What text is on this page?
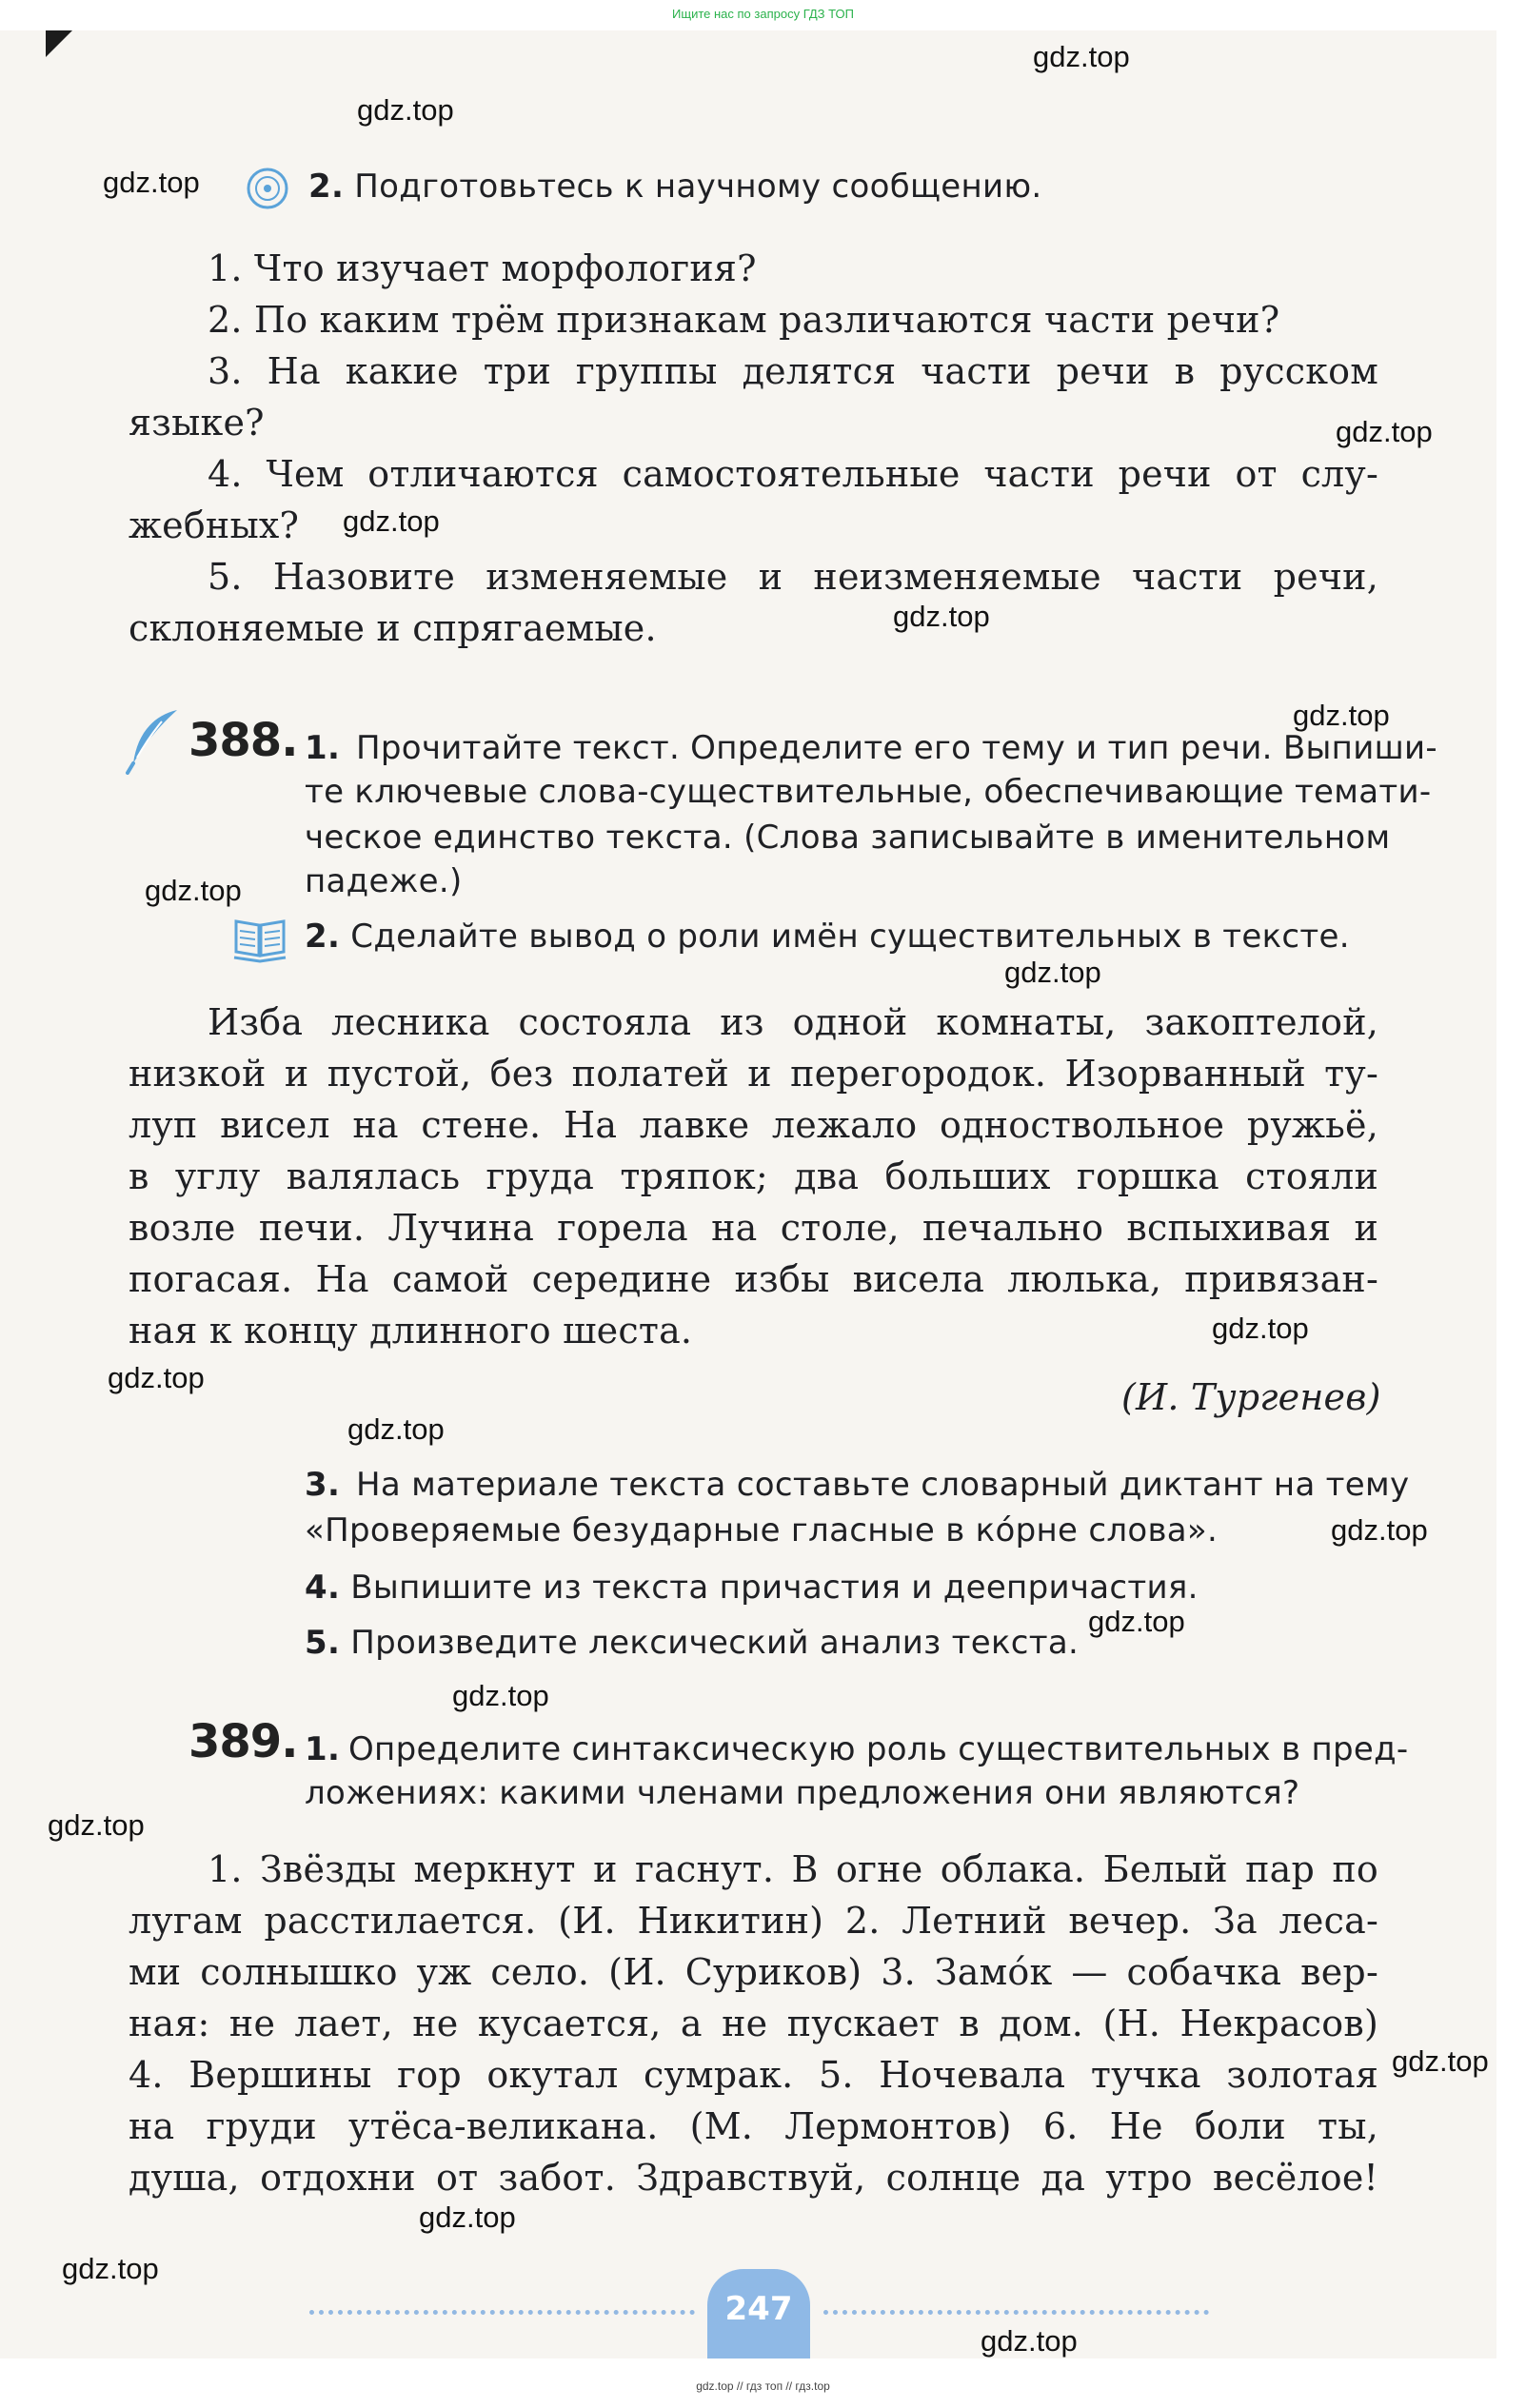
Ищите нас по запросу ГДЗ ТОП
gdz.top
gdz.top
gdz.top
gdz.top
gdz.top
gdz.top
gdz.top
gdz.top
gdz.top
gdz.top
gdz.top
gdz.top
gdz.top
gdz.top
gdz.top
gdz.top
gdz.top
gdz.top
gdz.top
gdz.top
2. Подготовьтесь к научному сообщению.
1. Что изучает морфология?
2. По каким трём признакам различаются части речи?
3. На какие три группы делятся части речи в русском
языке?
4. Чем отличаются самостоятельные части речи от слу-
жебных?
5. Назовите изменяемые и неизменяемые части речи,
склоняемые и спрягаемые.
388. 1. Прочитайте текст. Определите его тему и тип речи. Выпиши-
те ключевые слова-существительные, обеспечивающие темати-
ческое единство текста. (Слова записывайте в именительном
падеже.)
2. Сделайте вывод о роли имён существительных в тексте.
Изба лесника состояла из одной комнаты, закоптелой,
низкой и пустой, без полатей и перегородок. Изорванный ту-
луп висел на стене. На лавке лежало одноствольное ружьё,
в углу валялась груда тряпок; два больших горшка стояли
возле печи. Лучина горела на столе, печально вспыхивая и
погасая. На самой середине избы висела люлька, привязан-
ная к концу длинного шеста.
(И. Тургенев)
3. На материале текста составьте словарный диктант на тему
«Проверяемые безударные гласные в кóрне слова».
4. Выпишите из текста причастия и деепричастия.
5. Произведите лексический анализ текста.
389. 1. Определите синтаксическую роль существительных в пред-
ложениях: какими членами предложения они являются?
1. Звёзды меркнут и гаснут. В огне облака. Белый пар по
лугам расстилается. (И. Никитин) 2. Летний вечер. За леса-
ми солнышко уж село. (И. Суриков) 3. Замóк — собачка вер-
ная: не лает, не кусается, а не пускает в дом. (Н. Некрасов)
4. Вершины гор окутал сумрак. 5. Ночевала тучка золотая
на груди утёса-великана. (М. Лермонтов) 6. Не боли ты,
душа, отдохни от забот. Здравствуй, солнце да утро весёлое!
247
gdz.top // гдз топ // гдз.top
